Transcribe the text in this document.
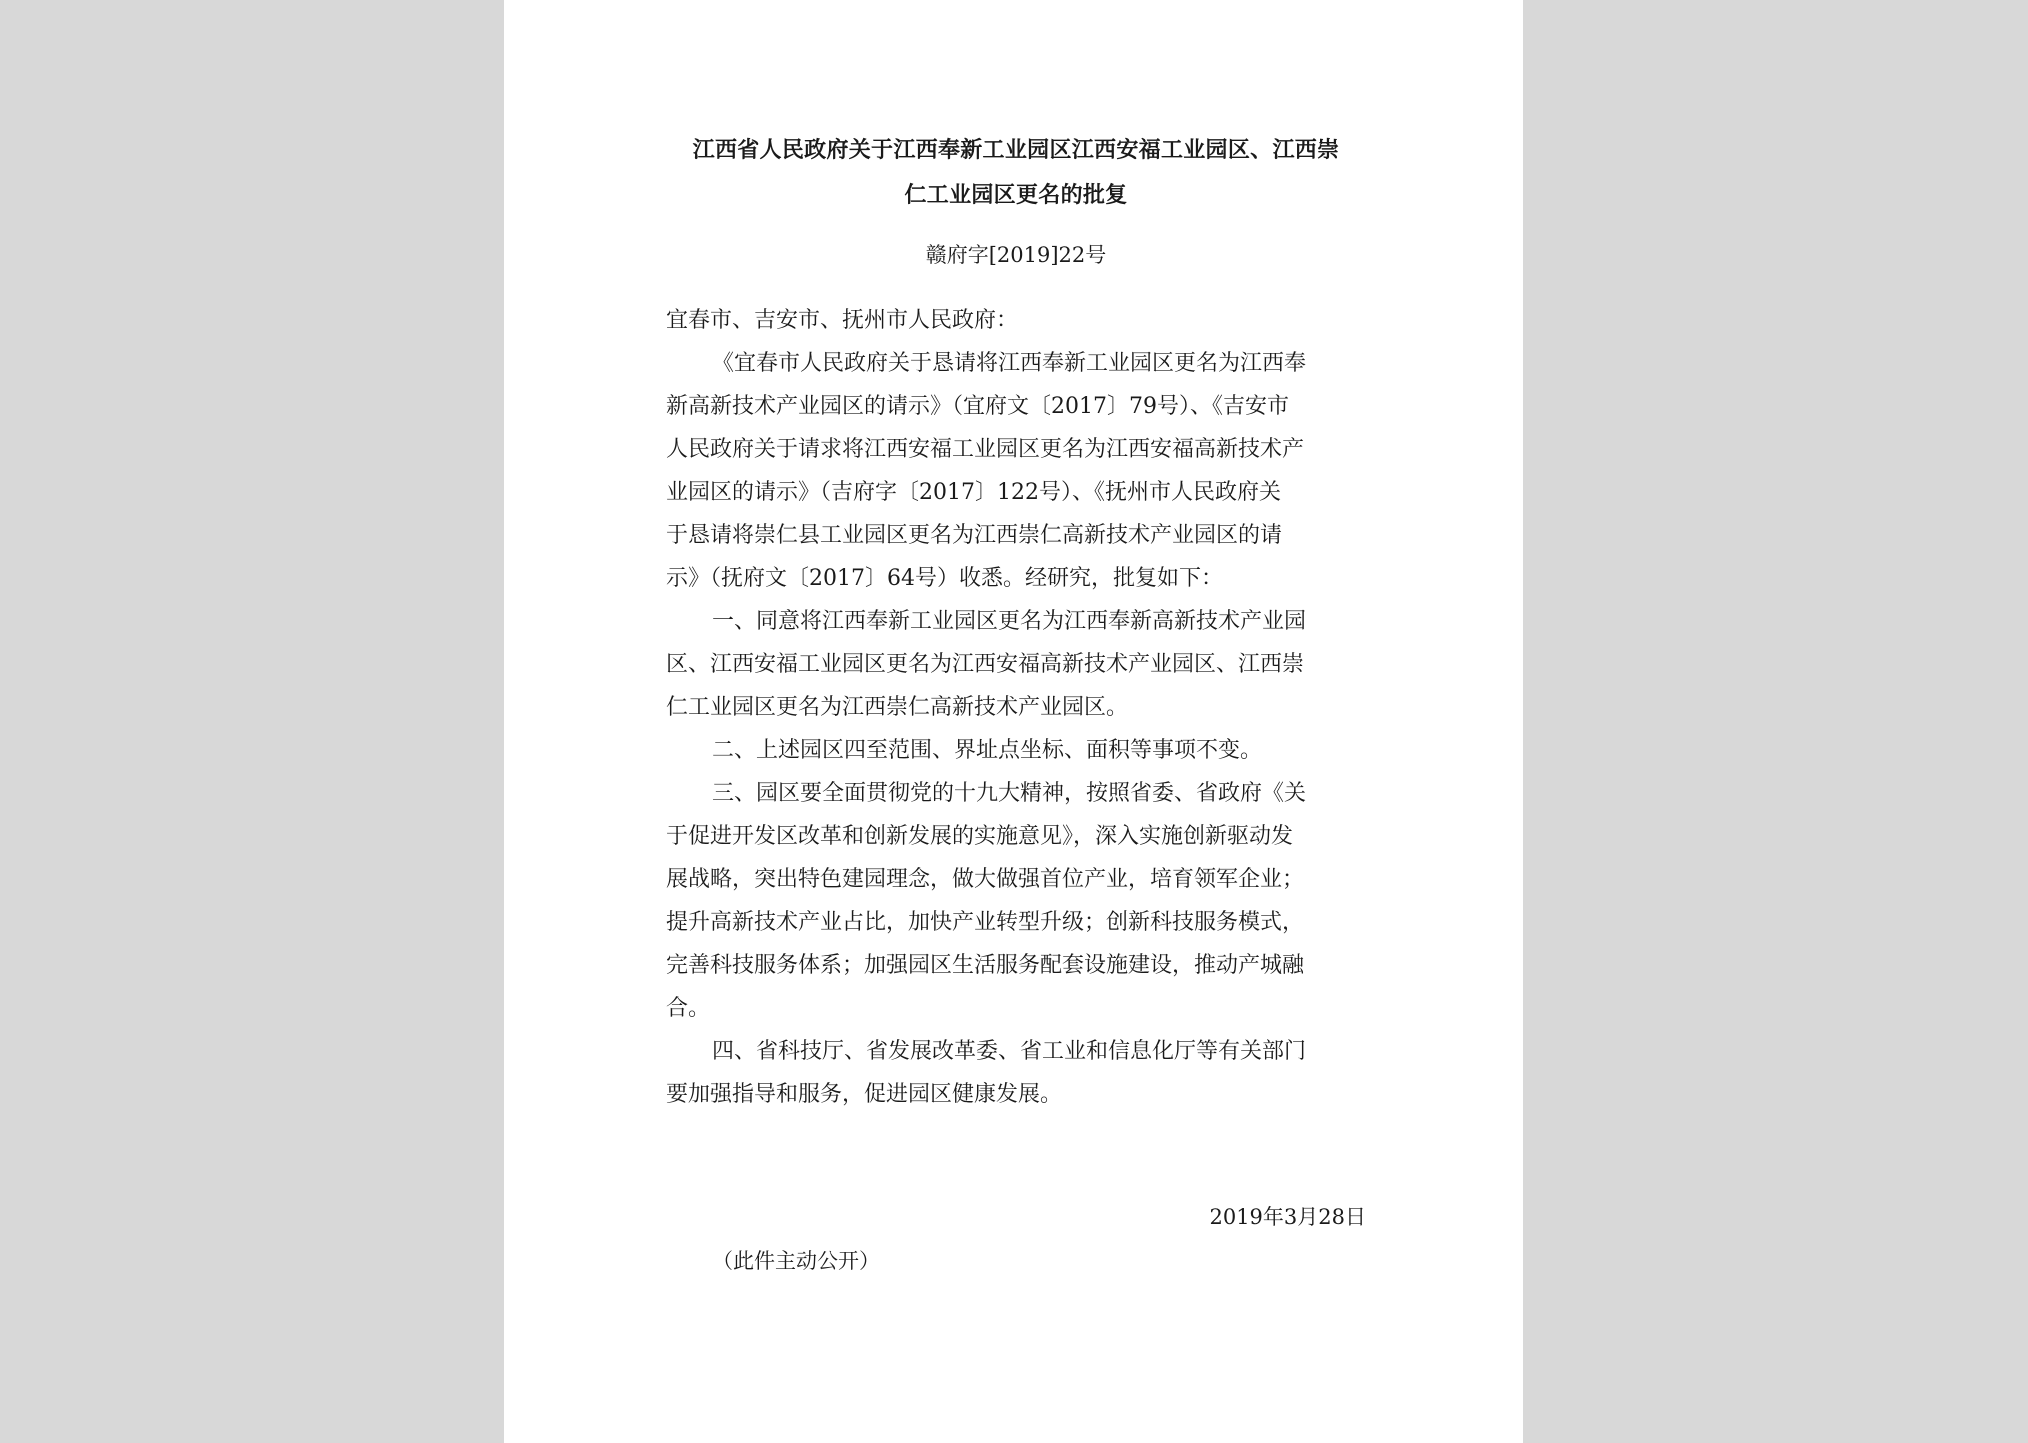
江西省人民政府关于江西奉新工业园区江西安福工业园区、江西崇
仁工业园区更名的批复
赣府字[2019]22号
宜春市、吉安市、抚州市人民政府：
《宜春市人民政府关于恳请将江西奉新工业园区更名为江西奉
新高新技术产业园区的请示》（宜府文〔2017〕79号）、《吉安市
人民政府关于请求将江西安福工业园区更名为江西安福高新技术产
业园区的请示》（吉府字〔2017〕122号）、《抚州市人民政府关
于恳请将崇仁县工业园区更名为江西崇仁高新技术产业园区的请
示》（抚府文〔2017〕64号）收悉。经研究，批复如下：
一、同意将江西奉新工业园区更名为江西奉新高新技术产业园
区、江西安福工业园区更名为江西安福高新技术产业园区、江西崇
仁工业园区更名为江西崇仁高新技术产业园区。
二、上述园区四至范围、界址点坐标、面积等事项不变。
三、园区要全面贯彻党的十九大精神，按照省委、省政府《关
于促进开发区改革和创新发展的实施意见》，深入实施创新驱动发
展战略，突出特色建园理念，做大做强首位产业，培育领军企业；
提升高新技术产业占比，加快产业转型升级；创新科技服务模式，
完善科技服务体系；加强园区生活服务配套设施建设，推动产城融
合。
四、省科技厅、省发展改革委、省工业和信息化厅等有关部门
要加强指导和服务，促进园区健康发展。
2019年3月28日
（此件主动公开）
